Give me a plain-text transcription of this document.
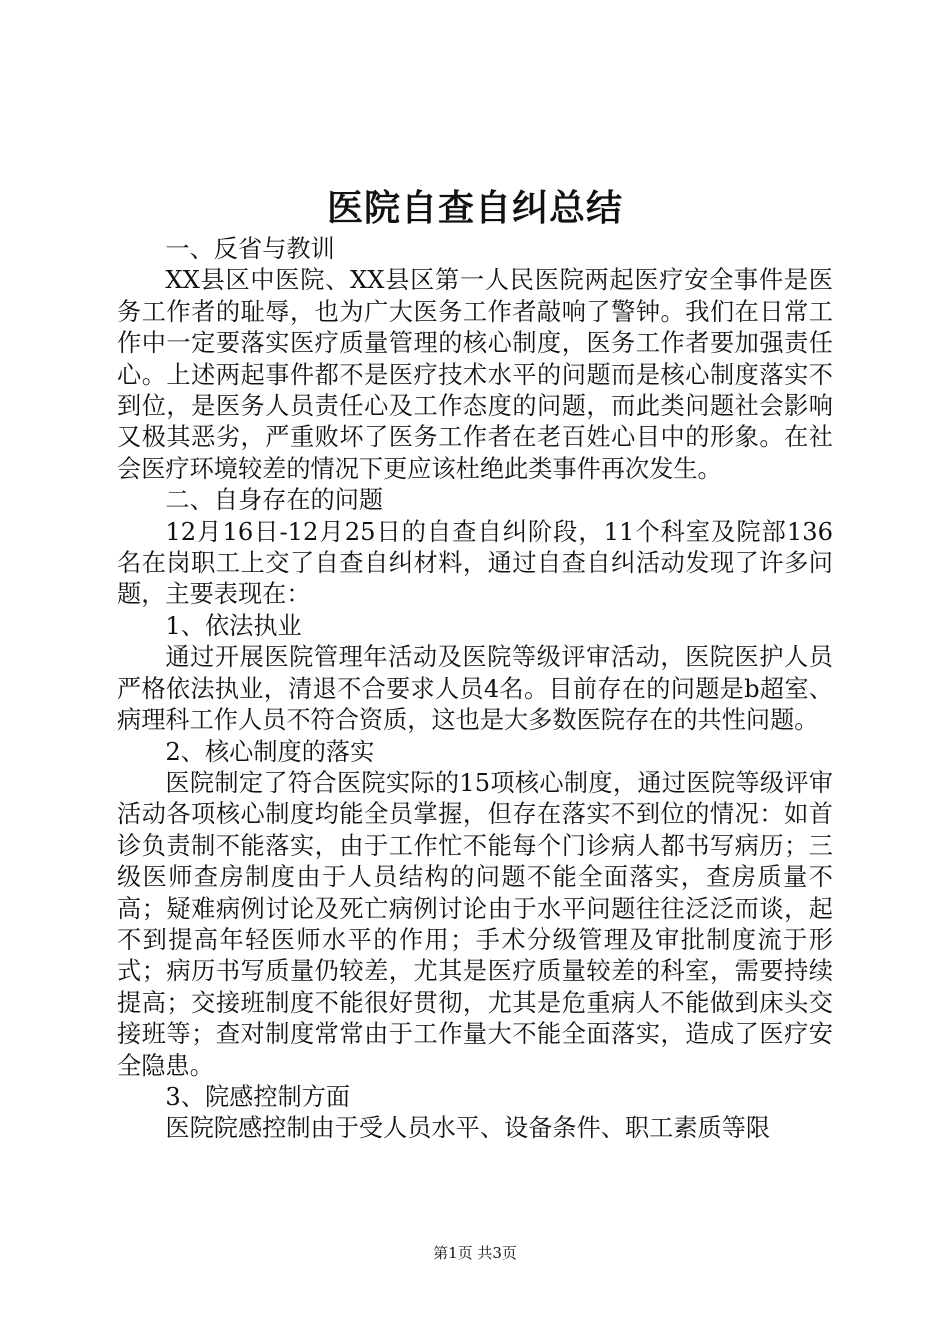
医院自查自纠总结

一、反省与教训

XX县区中医院、XX县区第一人民医院两起医疗安全事件是医务工作者的耻辱，也为广大医务工作者敲响了警钟。我们在日常工作中一定要落实医疗质量管理的核心制度，医务工作者要加强责任心。上述两起事件都不是医疗技术水平的问题而是核心制度落实不到位，是医务人员责任心及工作态度的问题，而此类问题社会影响又极其恶劣，严重败坏了医务工作者在老百姓心目中的形象。在社会医疗环境较差的情况下更应该杜绝此类事件再次发生。

二、自身存在的问题

12月16日-12月25日的自查自纠阶段，11个科室及院部136名在岗职工上交了自查自纠材料，通过自查自纠活动发现了许多问题，主要表现在：

1、依法执业

通过开展医院管理年活动及医院等级评审活动，医院医护人员严格依法执业，清退不合要求人员4名。目前存在的问题是b超室、病理科工作人员不符合资质，这也是大多数医院存在的共性问题。

2、核心制度的落实

医院制定了符合医院实际的15项核心制度，通过医院等级评审活动各项核心制度均能全员掌握，但存在落实不到位的情况：如首诊负责制不能落实，由于工作忙不能每个门诊病人都书写病历；三级医师查房制度由于人员结构的问题不能全面落实，查房质量不高；疑难病例讨论及死亡病例讨论由于水平问题往往泛泛而谈，起不到提高年轻医师水平的作用；手术分级管理及审批制度流于形式；病历书写质量仍较差，尤其是医疗质量较差的科室，需要持续提高；交接班制度不能很好贯彻，尤其是危重病人不能做到床头交接班等；查对制度常常由于工作量大不能全面落实，造成了医疗安全隐患。

3、院感控制方面

医院院感控制由于受人员水平、设备条件、职工素质等限

第1页 共3页
